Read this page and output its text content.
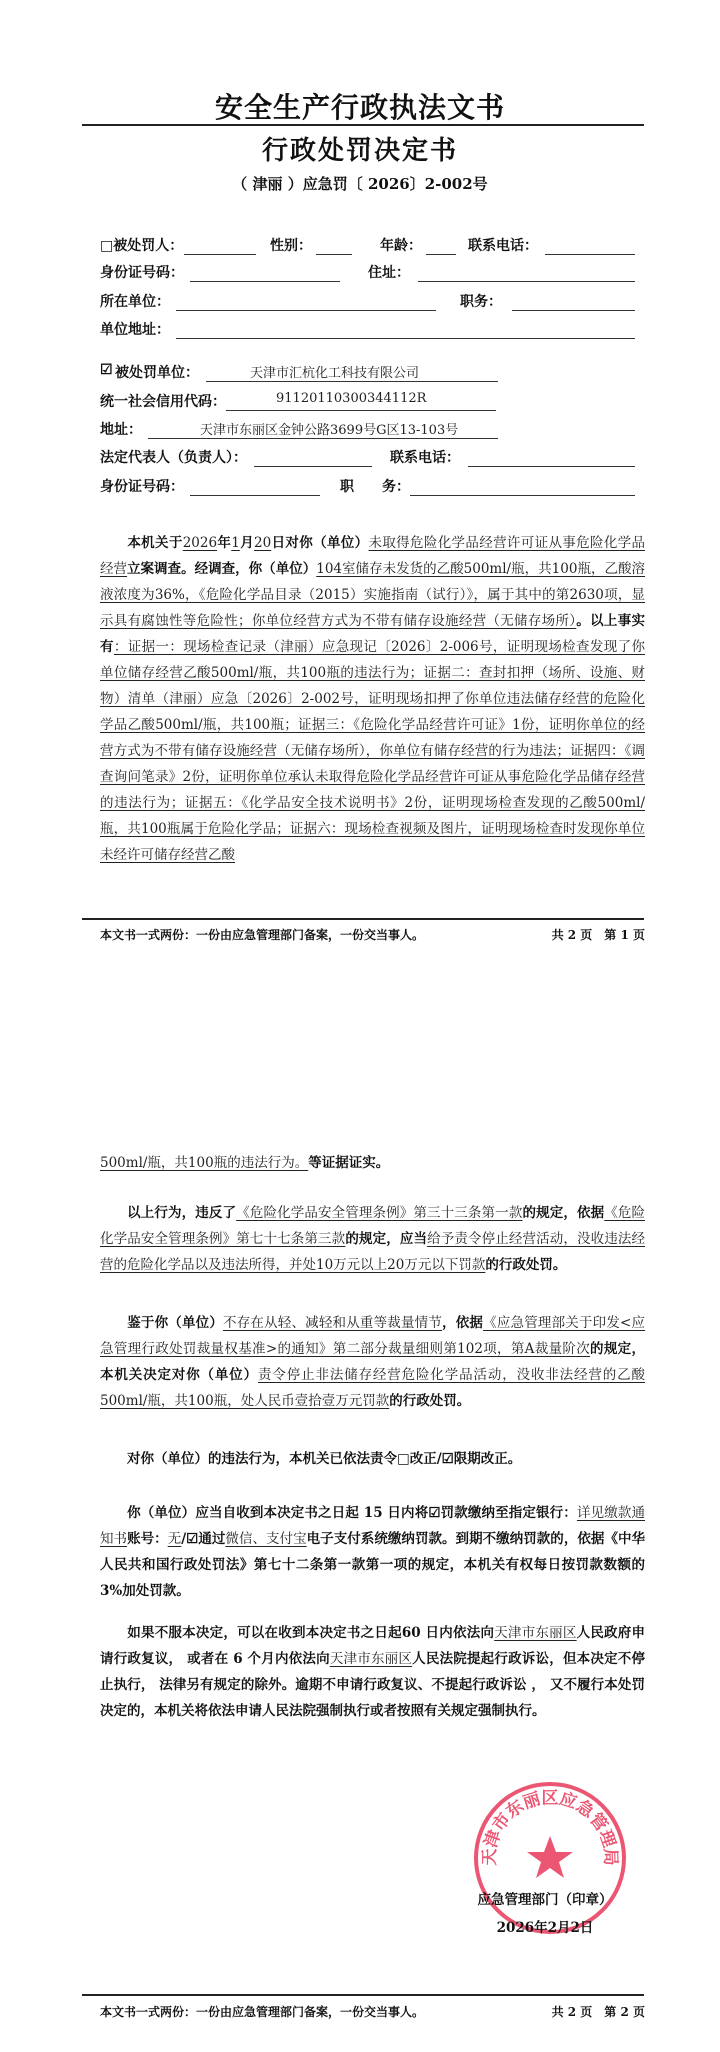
安全生产行政执法文书
行政处罚决定书
（ 津丽 ）应急罚〔 2026〕2-002号
□被处罚人：	性别：	年龄：	联系电话：
身份证号码：	住址：
所在单位：	职务：
单位地址：
☑ 被处罚单位：	天津市汇杭化工科技有限公司
统一社会信用代码：	91120110300344112R
地址：	天津市东丽区金钟公路3699号G区13-103号
法定代表人（负责人）：	联系电话：
身份证号码：	职　　务：
本机关于2026年1月20日对你（单位）未取得危险化学品经营许可证从事危险化学品经营立案调查。经调查，你（单位）104室储存未发货的乙酸500ml/瓶，共100瓶，乙酸溶液浓度为36%，《危险化学品目录（2015）实施指南（试行）》，属于其中的第2630项，显示具有腐蚀性等危险性；你单位经营方式为不带有储存设施经营（无储存场所）。以上事实有：证据一：现场检查记录（津丽）应急现记〔2026〕2-006号，证明现场检查发现了你单位储存经营乙酸500ml/瓶，共100瓶的违法行为；证据二：查封扣押（场所、设施、财物）清单（津丽）应急〔2026〕2-002号，证明现场扣押了你单位违法储存经营的危险化学品乙酸500ml/瓶，共100瓶；证据三：《危险化学品经营许可证》1份，证明你单位的经营方式为不带有储存设施经营（无储存场所），你单位有储存经营的行为违法；证据四：《调查询问笔录》2份，证明你单位承认未取得危险化学品经营许可证从事危险化学品储存经营的违法行为；证据五：《化学品安全技术说明书》2份，证明现场检查发现的乙酸500ml/瓶，共100瓶属于危险化学品；证据六：现场检查视频及图片，证明现场检查时发现你单位未经许可储存经营乙酸
本文书一式两份：一份由应急管理部门备案，一份交当事人。	共 2 页　第 1 页
500ml/瓶，共100瓶的违法行为。等证据证实。
以上行为，违反了《危险化学品安全管理条例》第三十三条第一款的规定，依据《危险化学品安全管理条例》第七十七条第三款的规定，应当给予责令停止经营活动，没收违法经营的危险化学品以及违法所得，并处10万元以上20万元以下罚款的行政处罚。
鉴于你（单位）不存在从轻、减轻和从重等裁量情节，依据《应急管理部关于印发<应急管理行政处罚裁量权基准>的通知》第二部分裁量细则第102项，第A裁量阶次的规定，本机关决定对你（单位）责令停止非法储存经营危险化学品活动，没收非法经营的乙酸500ml/瓶，共100瓶，处人民币壹拾壹万元罚款的行政处罚。
对你（单位）的违法行为，本机关已依法责令□改正/☑限期改正。
你（单位）应当自收到本决定书之日起 15 日内将☑罚款缴纳至指定银行：详见缴款通知书账号：无/☑通过微信、支付宝电子支付系统缴纳罚款。到期不缴纳罚款的，依据《中华人民共和国行政处罚法》第七十二条第一款第一项的规定，本机关有权每日按罚款数额的 3%加处罚款。
如果不服本决定，可以在收到本决定书之日起60 日内依法向天津市东丽区人民政府申请行政复议， 或者在 6 个月内依法向天津市东丽区人民法院提起行政诉讼，但本决定不停止执行， 法律另有规定的除外。逾期不申请行政复议、不提起行政诉讼 ， 又不履行本处罚决定的，本机关将依法申请人民法院强制执行或者按照有关规定强制执行。
天津市东丽区应急管理局
应急管理部门（印章）
2026年2月2日
本文书一式两份：一份由应急管理部门备案，一份交当事人。	共 2 页　第 2 页
